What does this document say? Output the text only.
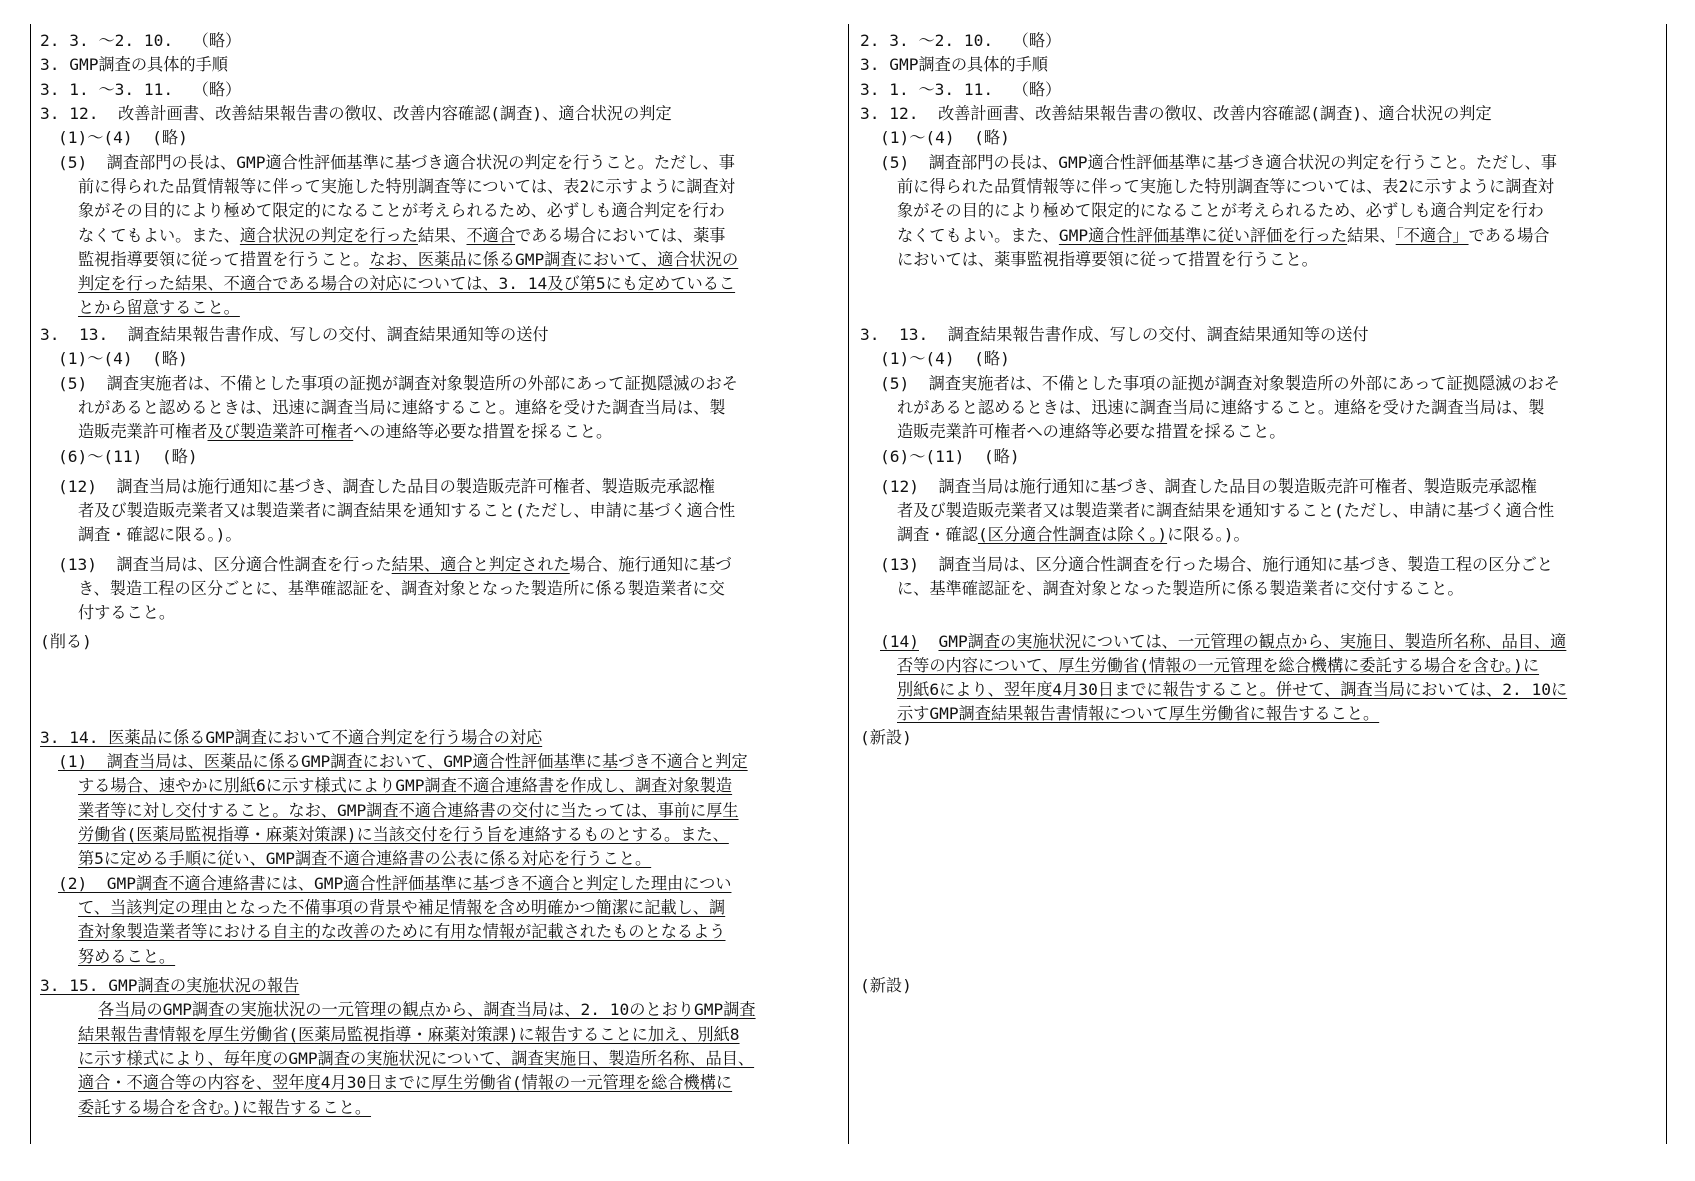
2. 3. ～2. 10.  （略）
3. GMP調査の具体的手順
3. 1. ～3. 11.  （略）
3. 12.  改善計画書、改善結果報告書の徴収、改善内容確認(調査)、適合状況の判定
(1)～(4)  (略)
(5)  調査部門の長は、GMP適合性評価基準に基づき適合状況の判定を行うこと。ただし、事
前に得られた品質情報等に伴って実施した特別調査等については、表2に示すように調査対
象がその目的により極めて限定的になることが考えられるため、必ずしも適合判定を行わ
なくてもよい。また、適合状況の判定を行った結果、不適合である場合においては、薬事
監視指導要領に従って措置を行うこと。なお、医薬品に係るGMP調査において、適合状況の
判定を行った結果、不適合である場合の対応については、3. 14及び第5にも定めているこ
とから留意すること。
3.  13.  調査結果報告書作成、写しの交付、調査結果通知等の送付
(1)～(4)  (略)
(5)  調査実施者は、不備とした事項の証拠が調査対象製造所の外部にあって証拠隠滅のおそ
れがあると認めるときは、迅速に調査当局に連絡すること。連絡を受けた調査当局は、製
造販売業許可権者及び製造業許可権者への連絡等必要な措置を採ること。
(6)～(11)  (略)
(12)  調査当局は施行通知に基づき、調査した品目の製造販売許可権者、製造販売承認権
者及び製造販売業者又は製造業者に調査結果を通知すること(ただし、申請に基づく適合性
調査・確認に限る。)。
(13)  調査当局は、区分適合性調査を行った結果、適合と判定された場合、施行通知に基づ
き、製造工程の区分ごとに、基準確認証を、調査対象となった製造所に係る製造業者に交
付すること。
(削る)
3. 14. 医薬品に係るGMP調査において不適合判定を行う場合の対応
(1)  調査当局は、医薬品に係るGMP調査において、GMP適合性評価基準に基づき不適合と判定
する場合、速やかに別紙6に示す様式によりGMP調査不適合連絡書を作成し、調査対象製造
業者等に対し交付すること。なお、GMP調査不適合連絡書の交付に当たっては、事前に厚生
労働省(医薬局監視指導・麻薬対策課)に当該交付を行う旨を連絡するものとする。また、
第5に定める手順に従い、GMP調査不適合連絡書の公表に係る対応を行うこと。
(2)  GMP調査不適合連絡書には、GMP適合性評価基準に基づき不適合と判定した理由につい
て、当該判定の理由となった不備事項の背景や補足情報を含め明確かつ簡潔に記載し、調
査対象製造業者等における自主的な改善のために有用な情報が記載されたものとなるよう
努めること。
3. 15. GMP調査の実施状況の報告
各当局のGMP調査の実施状況の一元管理の観点から、調査当局は、2. 10のとおりGMP調査
結果報告書情報を厚生労働省(医薬局監視指導・麻薬対策課)に報告することに加え、別紙8
に示す様式により、毎年度のGMP調査の実施状況について、調査実施日、製造所名称、品目、
適合・不適合等の内容を、翌年度4月30日までに厚生労働省(情報の一元管理を総合機構に
委託する場合を含む。)に報告すること。
2. 3. ～2. 10.  （略）
3. GMP調査の具体的手順
3. 1. ～3. 11.  （略）
3. 12.  改善計画書、改善結果報告書の徴収、改善内容確認(調査)、適合状況の判定
(1)～(4)  (略)
(5)  調査部門の長は、GMP適合性評価基準に基づき適合状況の判定を行うこと。ただし、事
前に得られた品質情報等に伴って実施した特別調査等については、表2に示すように調査対
象がその目的により極めて限定的になることが考えられるため、必ずしも適合判定を行わ
なくてもよい。また、GMP適合性評価基準に従い評価を行った結果、「不適合」である場合
においては、薬事監視指導要領に従って措置を行うこと。
3.  13.  調査結果報告書作成、写しの交付、調査結果通知等の送付
(1)～(4)  (略)
(5)  調査実施者は、不備とした事項の証拠が調査対象製造所の外部にあって証拠隠滅のおそ
れがあると認めるときは、迅速に調査当局に連絡すること。連絡を受けた調査当局は、製
造販売業許可権者への連絡等必要な措置を採ること。
(6)～(11)  (略)
(12)  調査当局は施行通知に基づき、調査した品目の製造販売許可権者、製造販売承認権
者及び製造販売業者又は製造業者に調査結果を通知すること(ただし、申請に基づく適合性
調査・確認(区分適合性調査は除く。)に限る。)。
(13)  調査当局は、区分適合性調査を行った場合、施行通知に基づき、製造工程の区分ごと
に、基準確認証を、調査対象となった製造所に係る製造業者に交付すること。
(14) GMP調査の実施状況については、一元管理の観点から、実施日、製造所名称、品目、適
否等の内容について、厚生労働省(情報の一元管理を総合機構に委託する場合を含む。)に
別紙6により、翌年度4月30日までに報告すること。併せて、調査当局においては、2. 10に
示すGMP調査結果報告書情報について厚生労働省に報告すること。
(新設)
(新設)
